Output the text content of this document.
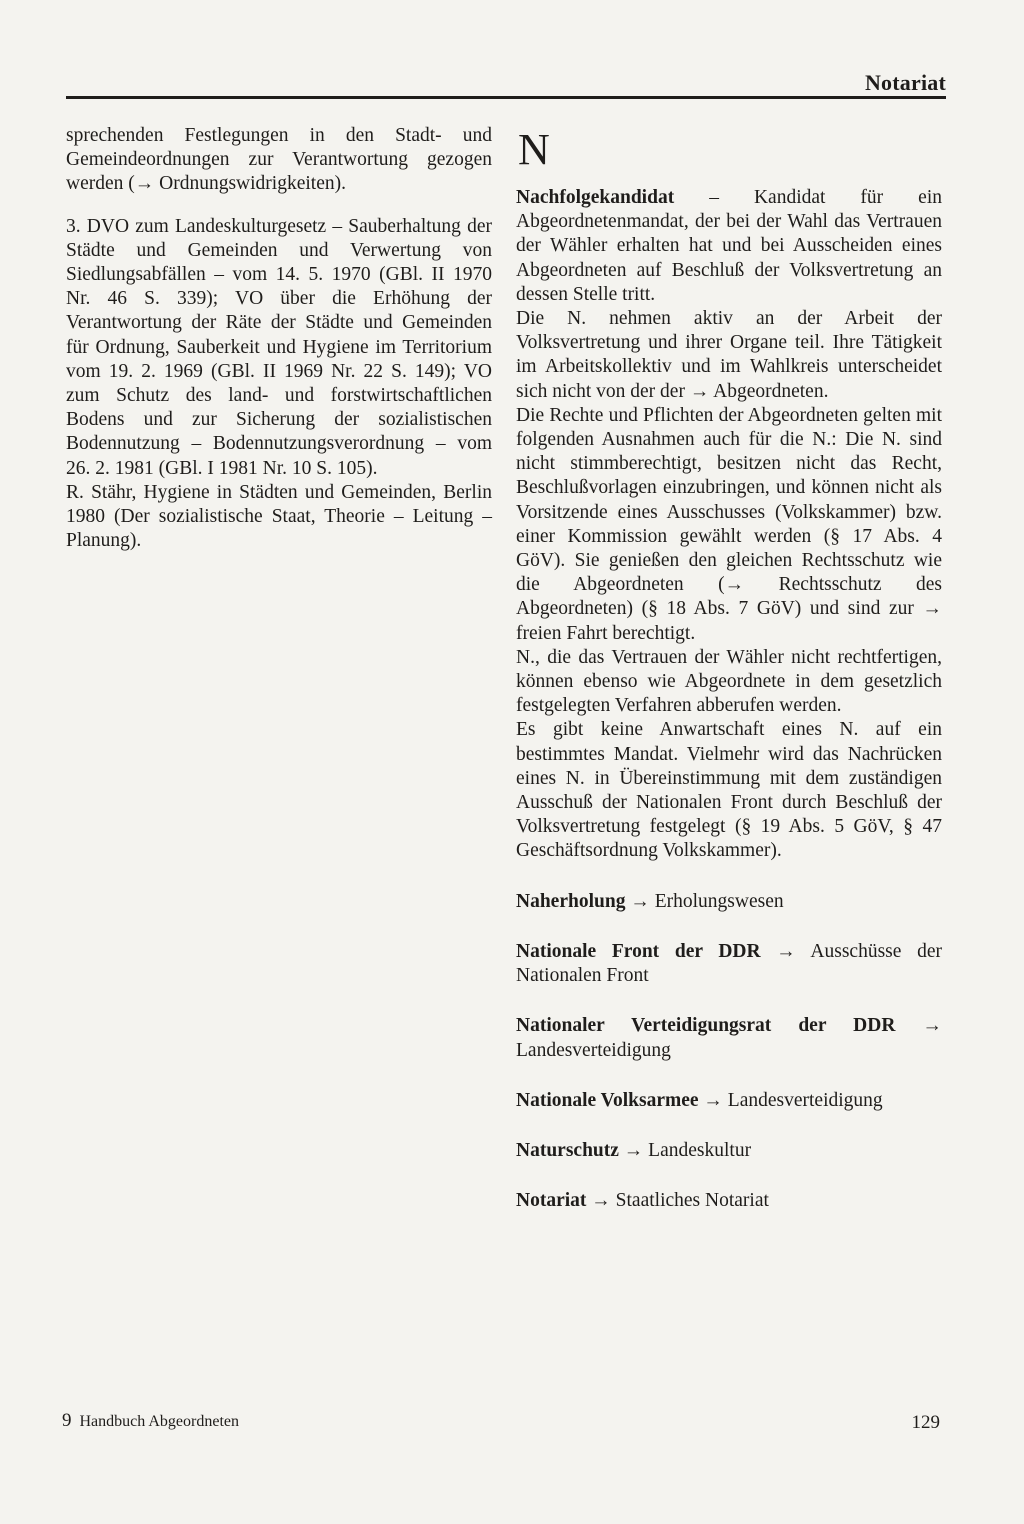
Notariat

sprechenden Festlegungen in den Stadt- und Gemeindeordnungen zur Verantwortung gezogen werden (→ Ordnungswidrigkeiten).

3. DVO zum Landeskulturgesetz – Sauberhaltung der Städte und Gemeinden und Verwertung von Siedlungsabfällen – vom 14. 5. 1970 (GBl. II 1970 Nr. 46 S. 339); VO über die Erhöhung der Verantwortung der Räte der Städte und Gemeinden für Ordnung, Sauberkeit und Hygiene im Territorium vom 19. 2. 1969 (GBl. II 1969 Nr. 22 S. 149); VO zum Schutz des land- und forstwirtschaftlichen Bodens und zur Sicherung der sozialistischen Bodennutzung – Bodennutzungsverordnung – vom 26. 2. 1981 (GBl. I 1981 Nr. 10 S. 105).

R. Stähr, Hygiene in Städten und Gemeinden, Berlin 1980 (Der sozialistische Staat, Theorie – Leitung – Planung).

N

Nachfolgekandidat – Kandidat für ein Abgeordnetenmandat, der bei der Wahl das Vertrauen der Wähler erhalten hat und bei Ausscheiden eines Abgeordneten auf Beschluß der Volksvertretung an dessen Stelle tritt.

Die N. nehmen aktiv an der Arbeit der Volksvertretung und ihrer Organe teil. Ihre Tätigkeit im Arbeitskollektiv und im Wahlkreis unterscheidet sich nicht von der der → Abgeordneten.

Die Rechte und Pflichten der Abgeordneten gelten mit folgenden Ausnahmen auch für die N.: Die N. sind nicht stimmberechtigt, besitzen nicht das Recht, Beschlußvorlagen einzubringen, und können nicht als Vorsitzende eines Ausschusses (Volkskammer) bzw. einer Kommission gewählt werden (§ 17 Abs. 4 GöV). Sie genießen den gleichen Rechtsschutz wie die Abgeordneten (→ Rechtsschutz des Abgeordneten) (§ 18 Abs. 7 GöV) und sind zur → freien Fahrt berechtigt.

N., die das Vertrauen der Wähler nicht rechtfertigen, können ebenso wie Abgeordnete in dem gesetzlich festgelegten Verfahren abberufen werden.

Es gibt keine Anwartschaft eines N. auf ein bestimmtes Mandat. Vielmehr wird das Nachrücken eines N. in Übereinstimmung mit dem zuständigen Ausschuß der Nationalen Front durch Beschluß der Volksvertretung festgelegt (§ 19 Abs. 5 GöV, § 47 Geschäftsordnung Volkskammer).

Naherholung → Erholungswesen

Nationale Front der DDR → Ausschüsse der Nationalen Front

Nationaler Verteidigungsrat der DDR → Landesverteidigung

Nationale Volksarmee → Landesverteidigung

Naturschutz → Landeskultur

Notariat → Staatliches Notariat

9 Handbuch Abgeordneten	129
